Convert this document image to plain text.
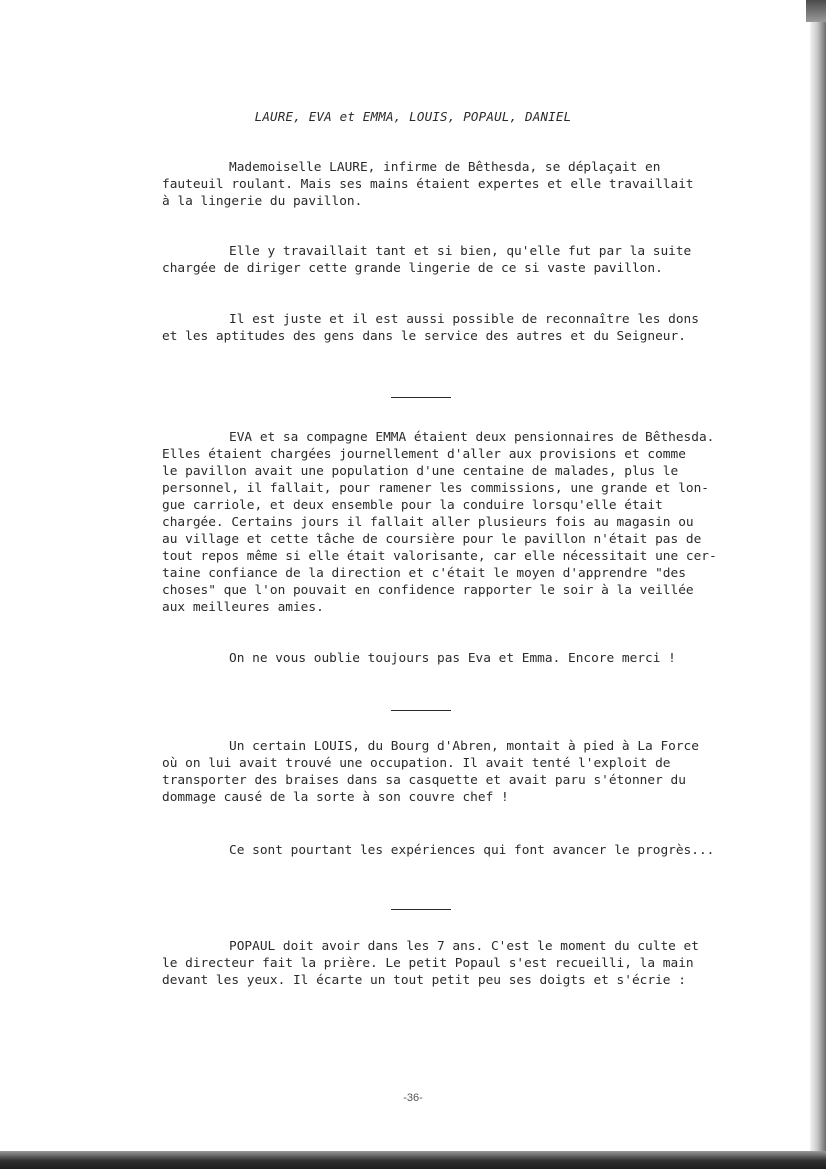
LAURE, EVA et EMMA, LOUIS, POPAUL, DANIEL

Mademoiselle LAURE, infirme de Bêthesda, se déplaçait en
fauteuil roulant. Mais ses mains étaient expertes et elle travaillait
à la lingerie du pavillon.

Elle y travaillait tant et si bien, qu'elle fut par la suite
chargée de diriger cette grande lingerie de ce si vaste pavillon.

Il est juste et il est aussi possible de reconnaître les dons
et les aptitudes des gens dans le service des autres et du Seigneur.

EVA et sa compagne EMMA étaient deux pensionnaires de Bêthesda.
Elles étaient chargées journellement d'aller aux provisions et comme
le pavillon avait une population d'une centaine de malades, plus le
personnel, il fallait, pour ramener les commissions, une grande et lon-
gue carriole, et deux ensemble pour la conduire lorsqu'elle était
chargée. Certains jours il fallait aller plusieurs fois au magasin ou
au village et cette tâche de coursière pour le pavillon n'était pas de
tout repos même si elle était valorisante, car elle nécessitait une cer-
taine confiance de la direction et c'était le moyen d'apprendre "des
choses" que l'on pouvait en confidence rapporter le soir à la veillée
aux meilleures amies.

On ne vous oublie toujours pas Eva et Emma. Encore merci !

Un certain LOUIS, du Bourg d'Abren, montait à pied à La Force
où on lui avait trouvé une occupation. Il avait tenté l'exploit de
transporter des braises dans sa casquette et avait paru s'étonner du
dommage causé de la sorte à son couvre chef !

Ce sont pourtant les expériences qui font avancer le progrès...

POPAUL doit avoir dans les 7 ans. C'est le moment du culte et
le directeur fait la prière. Le petit Popaul s'est recueilli, la main
devant les yeux. Il écarte un tout petit peu ses doigts et s'écrie :

-36-
